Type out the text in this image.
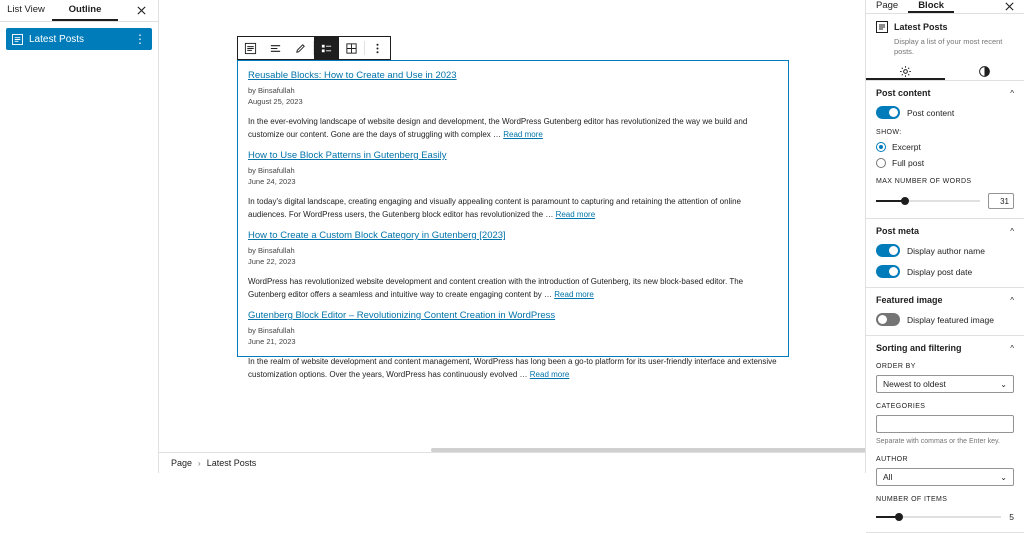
List View Outline
Latest Posts	⋮
Reusable Blocks: How to Create and Use in 2023
by Binsafullah
August 25, 2023
In the ever-evolving landscape of website design and development, the WordPress Gutenberg editor has revolutionized the way we build and customize our content. Gone are the days of struggling with complex … Read more
How to Use Block Patterns in Gutenberg Easily
by Binsafullah
June 24, 2023
In today's digital landscape, creating engaging and visually appealing content is paramount to capturing and retaining the attention of online audiences. For WordPress users, the Gutenberg block editor has revolutionized the … Read more
How to Create a Custom Block Category in Gutenberg [2023]
by Binsafullah
June 22, 2023
WordPress has revolutionized website development and content creation with the introduction of Gutenberg, its new block-based editor. The Gutenberg editor offers a seamless and intuitive way to create engaging content by … Read more
Gutenberg Block Editor – Revolutionizing Content Creation in WordPress
by Binsafullah
June 21, 2023
In the realm of website development and content management, WordPress has long been a go-to platform for its user-friendly interface and extensive customization options. Over the years, WordPress has continuously evolved … Read more
Page › Latest Posts
Page Block
Latest Posts
Display a list of your most recent posts.
Post content	^
Post content
SHOW:
Excerpt
Full post
MAX NUMBER OF WORDS
31
Post meta	^
Display author name
Display post date
Featured image	^
Display featured image
Sorting and filtering	^
ORDER BY
Newest to oldest	⌄
CATEGORIES
Separate with commas or the Enter key.
AUTHOR
All	⌄
NUMBER OF ITEMS
5
